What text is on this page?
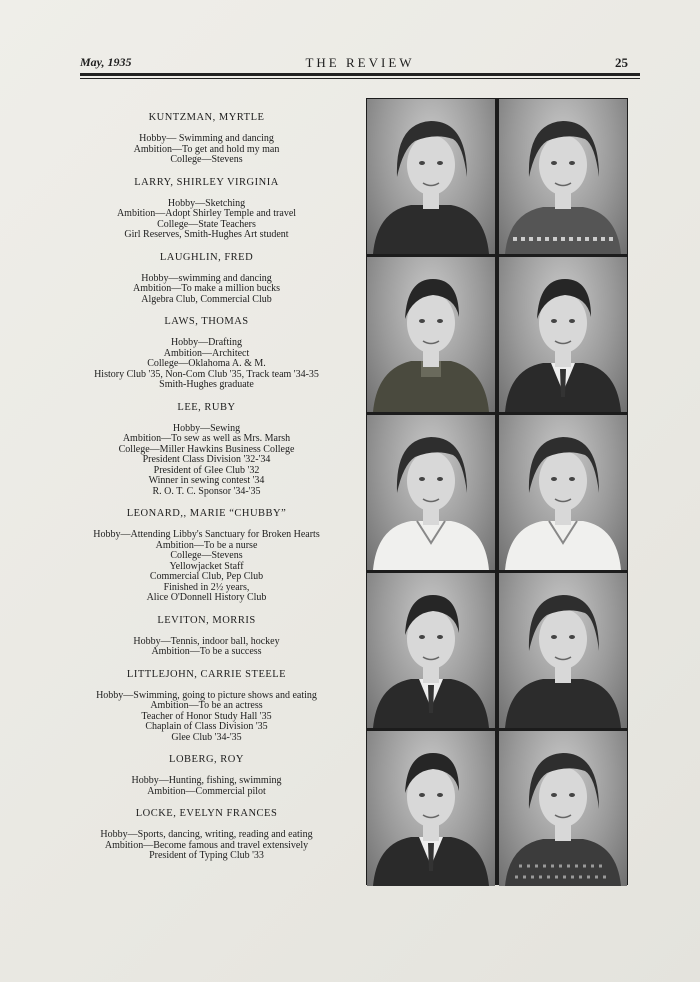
May, 1935	THE REVIEW	25
KUNTZMAN, MYRTLE
Hobby— Swimming and dancing
Ambition—To get and hold my man
College—Stevens
LARRY, SHIRLEY VIRGINIA
Hobby—Sketching
Ambition—Adopt Shirley Temple and travel
College—State Teachers
Girl Reserves, Smith-Hughes Art student
LAUGHLIN, FRED
Hobby—swimming and dancing
Ambition—To make a million bucks
Algebra Club, Commercial Club
LAWS, THOMAS
Hobby—Drafting
Ambition—Architect
College—Oklahoma A. & M.
History Club '35, Non-Com Club '35, Track team '34-35
Smith-Hughes graduate
LEE, RUBY
Hobby—Sewing
Ambition—To sew as well as Mrs. Marsh
College—Miller Hawkins Business College
President Class Division '32-'34
President of Glee Club '32
Winner in sewing contest '34
R. O. T. C. Sponsor '34-'35
LEONARD,, MARIE “CHUBBY”
Hobby—Attending Libby's Sanctuary for Broken Hearts
Ambition—To be a nurse
College—Stevens
Yellowjacket Staff
Commercial Club, Pep Club
Finished in 2½ years,
Alice O'Donnell History Club
LEVITON, MORRIS
Hobby—Tennis, indoor ball, hockey
Ambition—To be a success
LITTLEJOHN, CARRIE STEELE
Hobby—Swimming, going to picture shows and eating
Ambition—To be an actress
Teacher of Honor Study Hall '35
Chaplain of Class Division '35
Glee Club '34-'35
LOBERG, ROY
Hobby—Hunting, fishing, swimming
Ambition—Commercial pilot
LOCKE, EVELYN FRANCES
Hobby—Sports, dancing, writing, reading and eating
Ambition—Become famous and travel extensively
President of Typing Club '33
